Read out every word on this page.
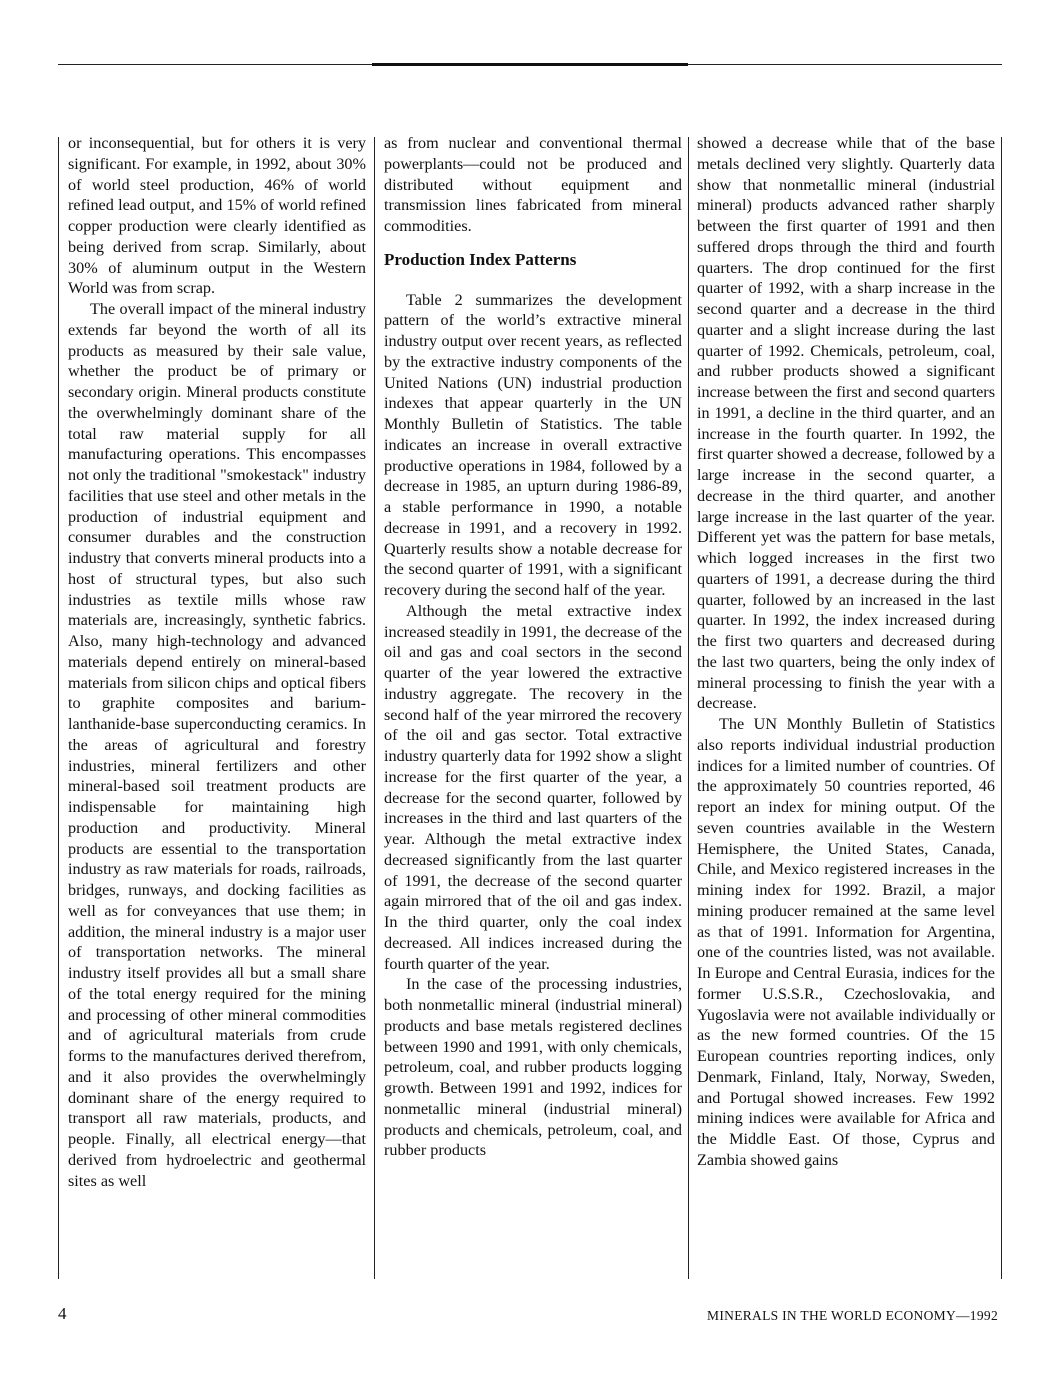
or inconsequential, but for others it is very significant. For example, in 1992, about 30% of world steel production, 46% of world refined lead output, and 15% of world refined copper production were clearly identified as being derived from scrap. Similarly, about 30% of aluminum output in the Western World was from scrap.

The overall impact of the mineral industry extends far beyond the worth of all its products as measured by their sale value, whether the product be of primary or secondary origin. Mineral products constitute the overwhelmingly dominant share of the total raw material supply for all manufacturing operations. This encompasses not only the traditional "smokestack" industry facilities that use steel and other metals in the production of industrial equipment and consumer durables and the construction industry that converts mineral products into a host of structural types, but also such industries as textile mills whose raw materials are, increasingly, synthetic fabrics. Also, many high-technology and advanced materials depend entirely on mineral-based materials from silicon chips and optical fibers to graphite composites and barium-lanthanide-base superconducting ceramics. In the areas of agricultural and forestry industries, mineral fertilizers and other mineral-based soil treatment products are indispensable for maintaining high production and productivity. Mineral products are essential to the transportation industry as raw materials for roads, railroads, bridges, runways, and docking facilities as well as for conveyances that use them; in addition, the mineral industry is a major user of transportation networks. The mineral industry itself provides all but a small share of the total energy required for the mining and processing of other mineral commodities and of agricultural materials from crude forms to the manufactures derived therefrom, and it also provides the overwhelmingly dominant share of the energy required to transport all raw materials, products, and people. Finally, all electrical energy—that derived from hydroelectric and geothermal sites as well

as from nuclear and conventional thermal powerplants—could not be produced and distributed without equipment and transmission lines fabricated from mineral commodities.

Production Index Patterns

Table 2 summarizes the development pattern of the world’s extractive mineral industry output over recent years, as reflected by the extractive industry components of the United Nations (UN) industrial production indexes that appear quarterly in the UN Monthly Bulletin of Statistics. The table indicates an increase in overall extractive productive operations in 1984, followed by a decrease in 1985, an upturn during 1986-89, a stable performance in 1990, a notable decrease in 1991, and a recovery in 1992. Quarterly results show a notable decrease for the second quarter of 1991, with a significant recovery during the second half of the year.

Although the metal extractive index increased steadily in 1991, the decrease of the oil and gas and coal sectors in the second quarter of the year lowered the extractive industry aggregate. The recovery in the second half of the year mirrored the recovery of the oil and gas sector. Total extractive industry quarterly data for 1992 show a slight increase for the first quarter of the year, a decrease for the second quarter, followed by increases in the third and last quarters of the year. Although the metal extractive index decreased significantly from the last quarter of 1991, the decrease of the second quarter again mirrored that of the oil and gas index. In the third quarter, only the coal index decreased. All indices increased during the fourth quarter of the year.

In the case of the processing industries, both nonmetallic mineral (industrial mineral) products and base metals registered declines between 1990 and 1991, with only chemicals, petroleum, coal, and rubber products logging growth. Between 1991 and 1992, indices for nonmetallic mineral (industrial mineral) products and chemicals, petroleum, coal, and rubber products

showed a decrease while that of the base metals declined very slightly. Quarterly data show that nonmetallic mineral (industrial mineral) products advanced rather sharply between the first quarter of 1991 and then suffered drops through the third and fourth quarters. The drop continued for the first quarter of 1992, with a sharp increase in the second quarter and a decrease in the third quarter and a slight increase during the last quarter of 1992. Chemicals, petroleum, coal, and rubber products showed a significant increase between the first and second quarters in 1991, a decline in the third quarter, and an increase in the fourth quarter. In 1992, the first quarter showed a decrease, followed by a large increase in the second quarter, a decrease in the third quarter, and another large increase in the last quarter of the year. Different yet was the pattern for base metals, which logged increases in the first two quarters of 1991, a decrease during the third quarter, followed by an increased in the last quarter. In 1992, the index increased during the first two quarters and decreased during the last two quarters, being the only index of mineral processing to finish the year with a decrease.

The UN Monthly Bulletin of Statistics also reports individual industrial production indices for a limited number of countries. Of the approximately 50 countries reported, 46 report an index for mining output. Of the seven countries available in the Western Hemisphere, the United States, Canada, Chile, and Mexico registered increases in the mining index for 1992. Brazil, a major mining producer remained at the same level as that of 1991. Information for Argentina, one of the countries listed, was not available. In Europe and Central Eurasia, indices for the former U.S.S.R., Czechoslovakia, and Yugoslavia were not available individually or as the new formed countries. Of the 15 European countries reporting indices, only Denmark, Finland, Italy, Norway, Sweden, and Portugal showed increases. Few 1992 mining indices were available for Africa and the Middle East. Of those, Cyprus and Zambia showed gains

4	MINERALS IN THE WORLD ECONOMY—1992
